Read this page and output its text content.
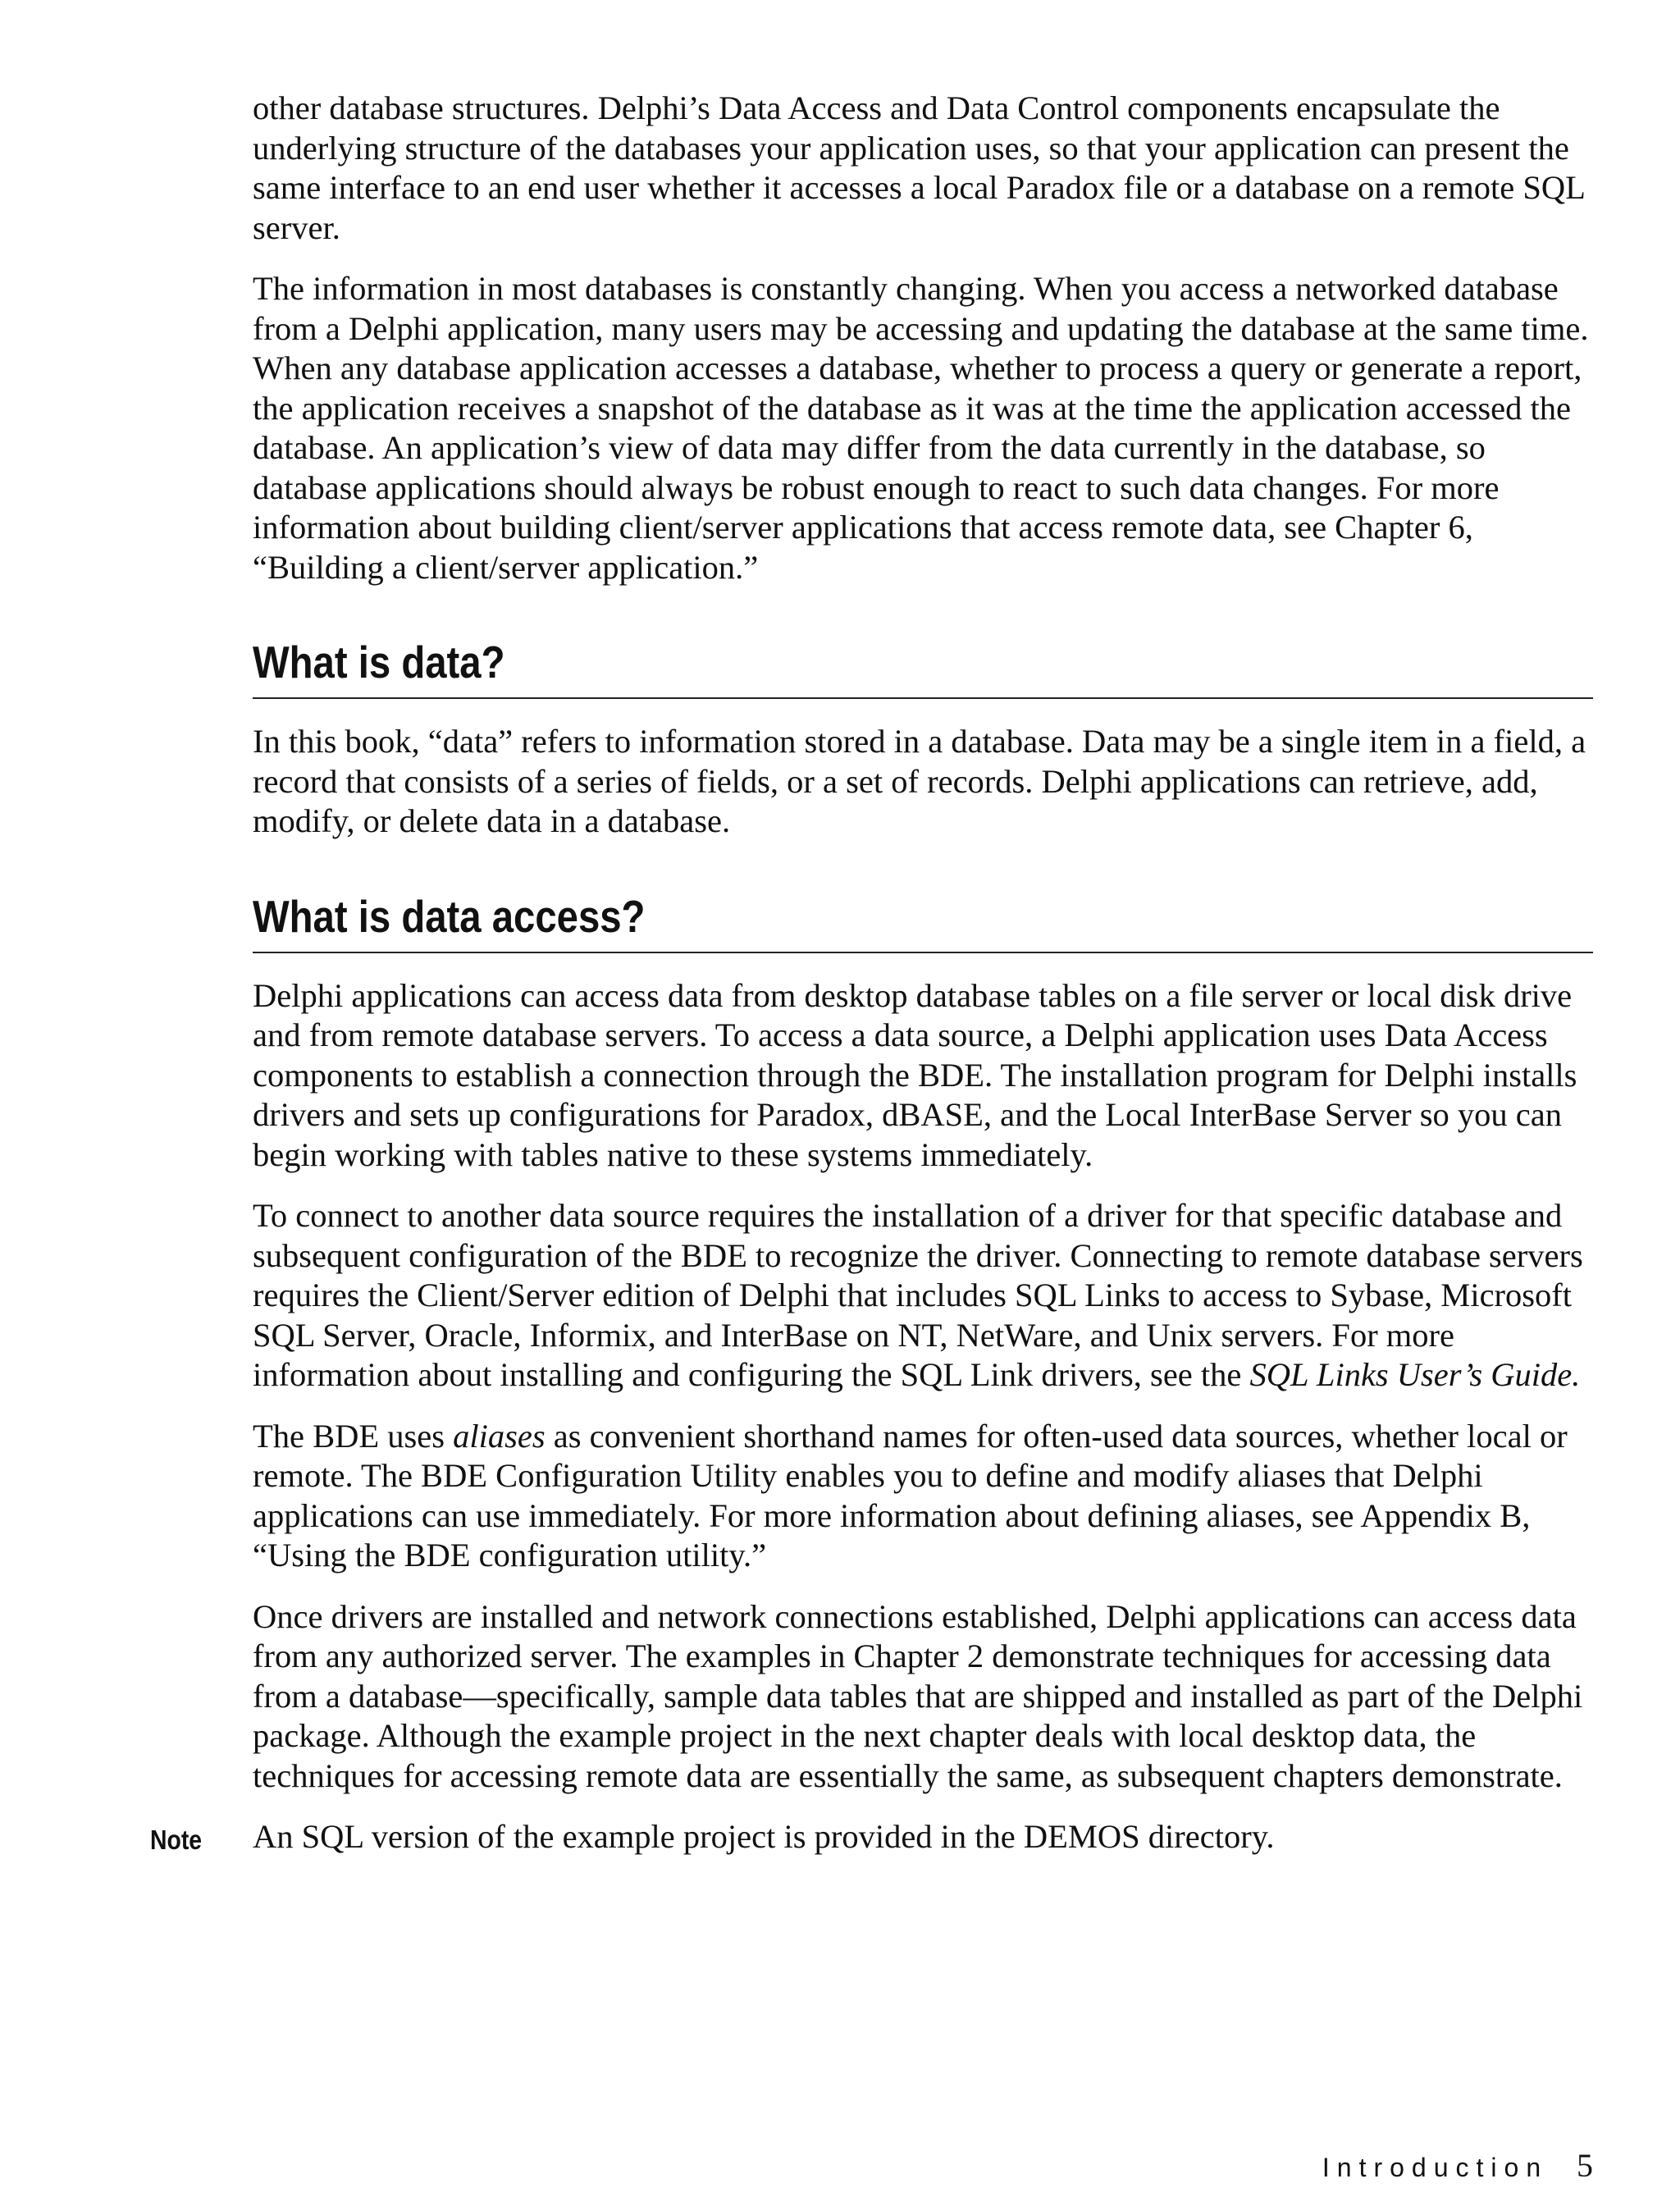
other database structures. Delphi’s Data Access and Data Control components encapsulate the underlying structure of the databases your application uses, so that your application can present the same interface to an end user whether it accesses a local Paradox file or a database on a remote SQL server.

The information in most databases is constantly changing. When you access a networked database from a Delphi application, many users may be accessing and updating the database at the same time. When any database application accesses a database, whether to process a query or generate a report, the application receives a snapshot of the database as it was at the time the application accessed the database. An application’s view of data may differ from the data currently in the database, so database applications should always be robust enough to react to such data changes. For more information about building client/server applications that access remote data, see Chapter 6, “Building a client/server application.”

What is data?

In this book, “data” refers to information stored in a database. Data may be a single item in a field, a record that consists of a series of fields, or a set of records. Delphi applications can retrieve, add, modify, or delete data in a database.

What is data access?

Delphi applications can access data from desktop database tables on a file server or local disk drive and from remote database servers. To access a data source, a Delphi application uses Data Access components to establish a connection through the BDE. The installation program for Delphi installs drivers and sets up configurations for Paradox, dBASE, and the Local InterBase Server so you can begin working with tables native to these systems immediately.

To connect to another data source requires the installation of a driver for that specific database and subsequent configuration of the BDE to recognize the driver. Connecting to remote database servers requires the Client/Server edition of Delphi that includes SQL Links to access to Sybase, Microsoft SQL Server, Oracle, Informix, and InterBase on NT, NetWare, and Unix servers. For more information about installing and configuring the SQL Link drivers, see the SQL Links User’s Guide.

The BDE uses aliases as convenient shorthand names for often-used data sources, whether local or remote. The BDE Configuration Utility enables you to define and modify aliases that Delphi applications can use immediately. For more information about defining aliases, see Appendix B, “Using the BDE configuration utility.”

Once drivers are installed and network connections established, Delphi applications can access data from any authorized server. The examples in Chapter 2 demonstrate techniques for accessing data from a database—specifically, sample data tables that are shipped and installed as part of the Delphi package. Although the example project in the next chapter deals with local desktop data, the techniques for accessing remote data are essentially the same, as subsequent chapters demonstrate.

Note An SQL version of the example project is provided in the DEMOS directory.

Introduction 5
